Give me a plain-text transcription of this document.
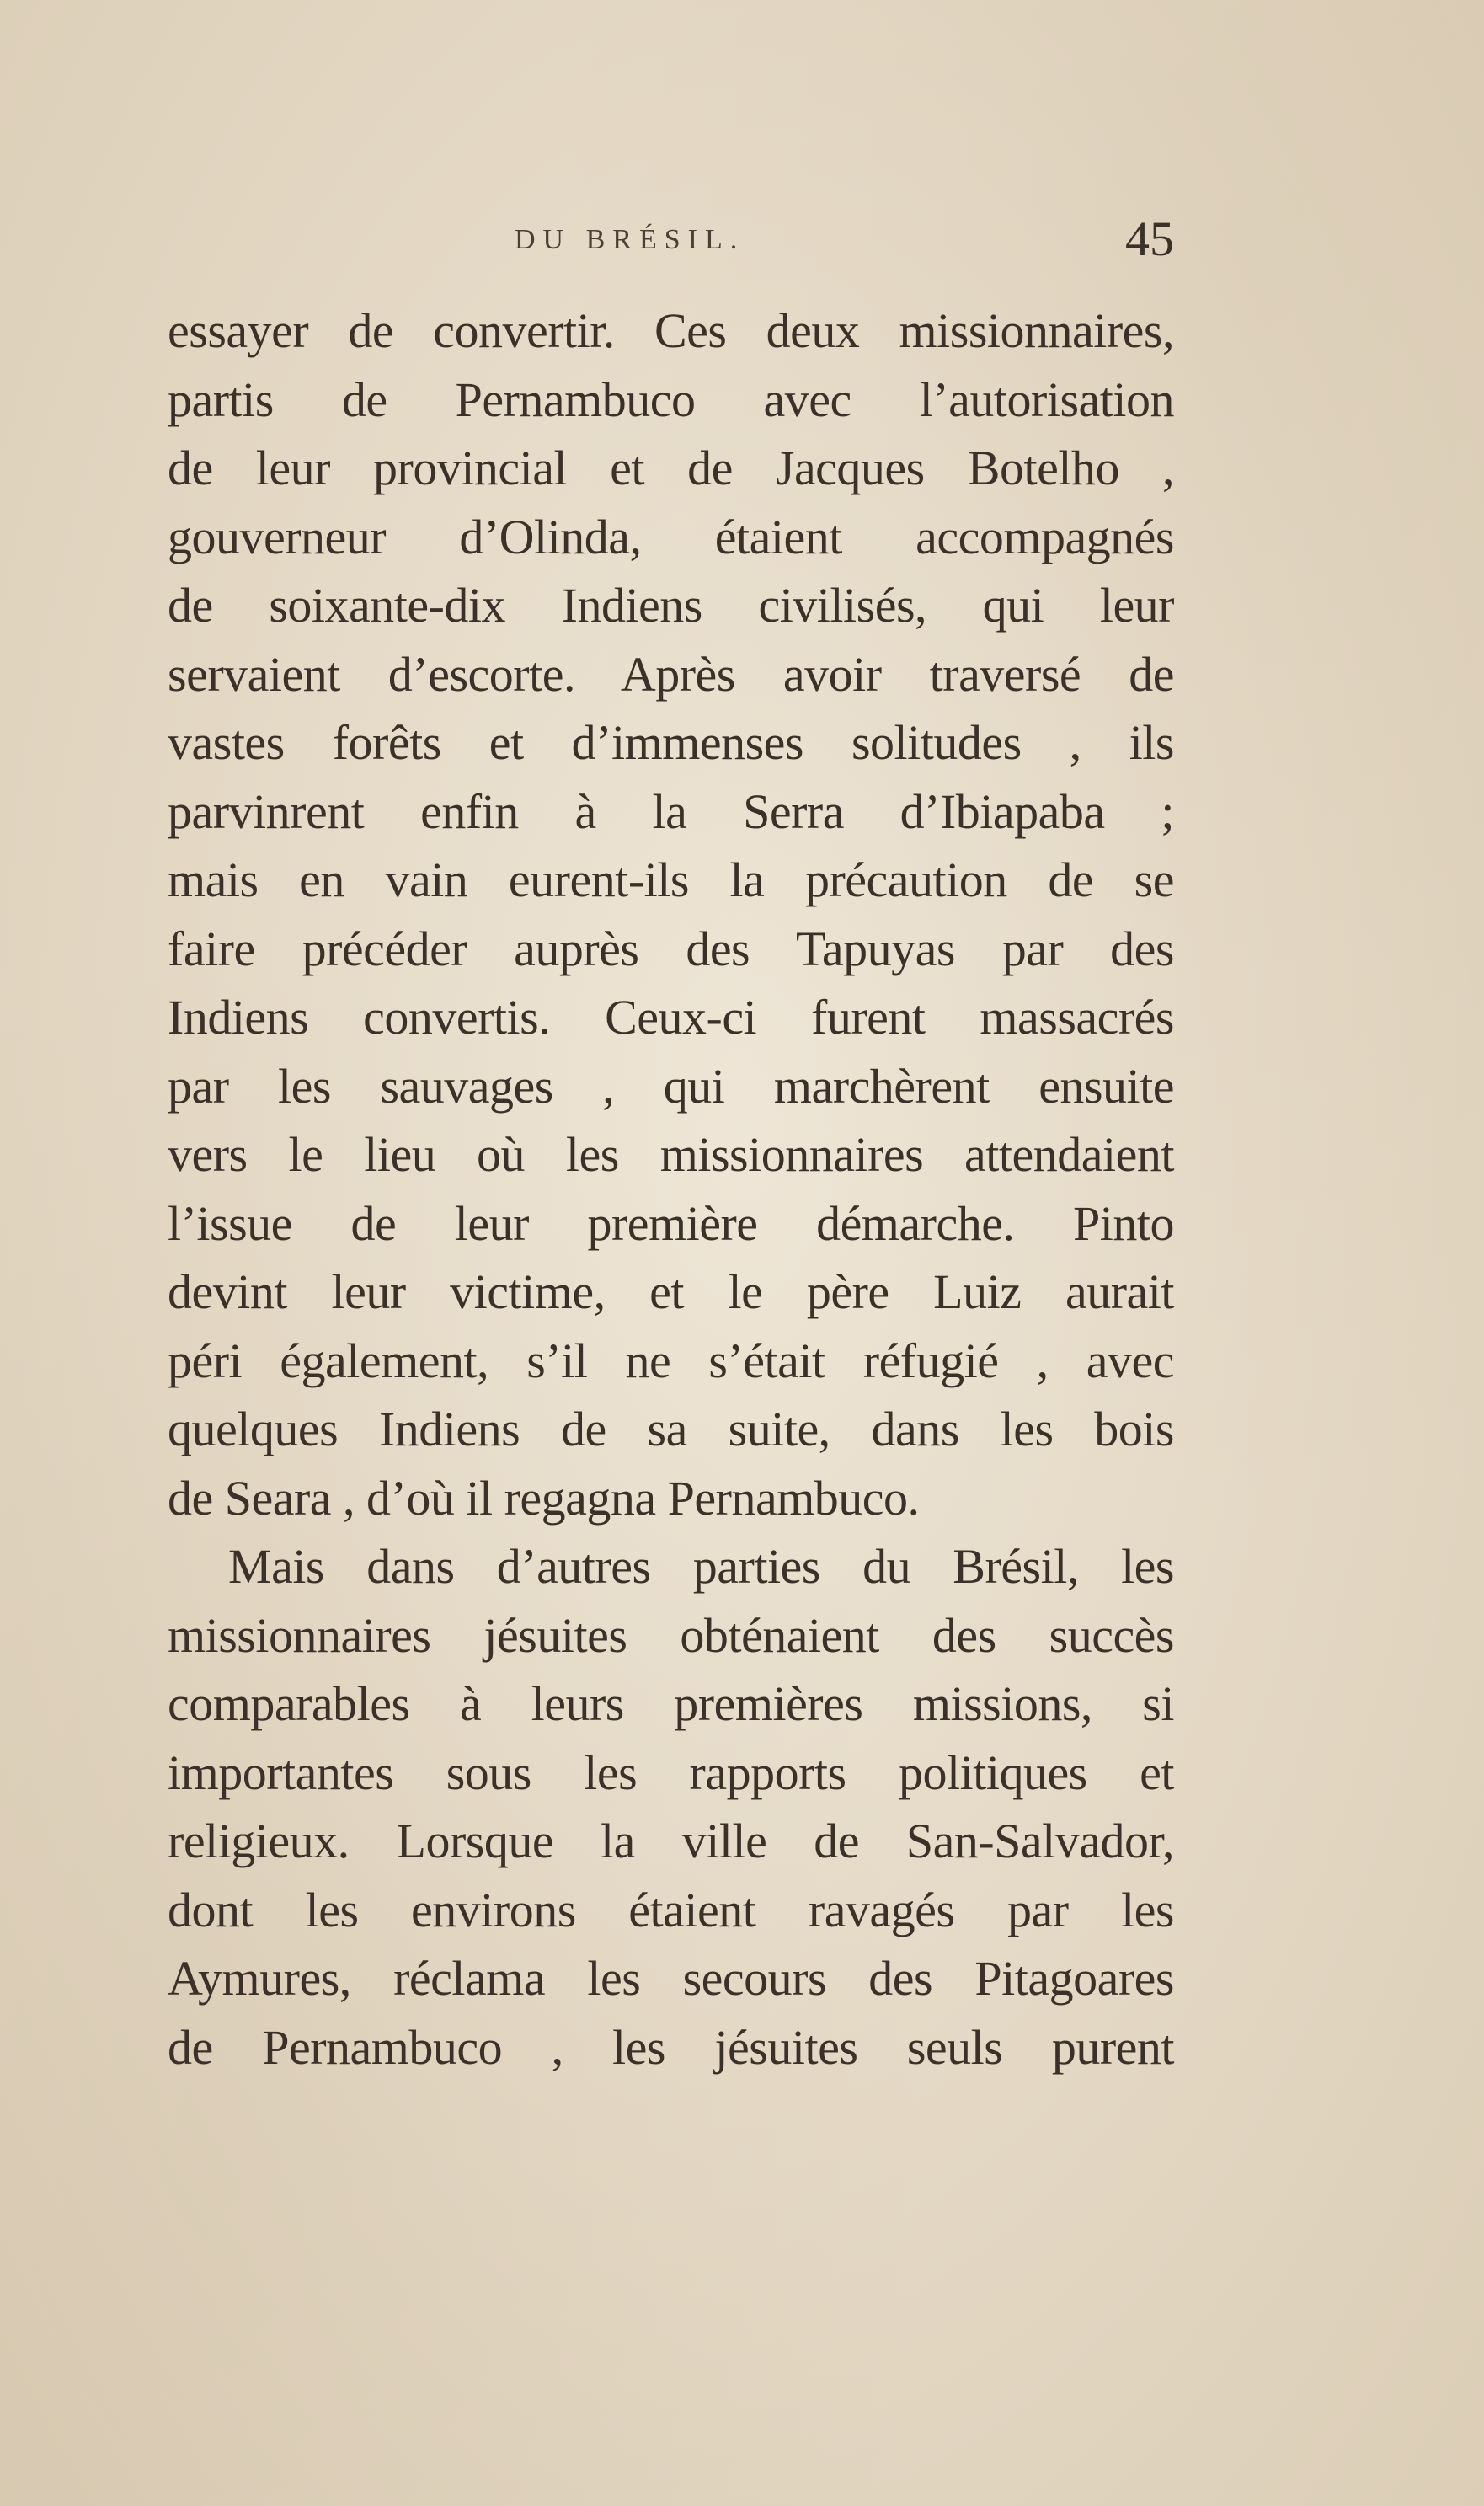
DU BRÉSIL.	45
essayer de convertir. Ces deux missionnaires,
partis de Pernambuco avec l’autorisation
de leur provincial et de Jacques Botelho ,
gouverneur d’Olinda, étaient accompagnés
de soixante-dix Indiens civilisés, qui leur
servaient d’escorte. Après avoir traversé de
vastes forêts et d’immenses solitudes , ils
parvinrent enfin à la Serra d’Ibiapaba ;
mais en vain eurent-ils la précaution de se
faire précéder auprès des Tapuyas par des
Indiens convertis. Ceux-ci furent massacrés
par les sauvages , qui marchèrent ensuite
vers le lieu où les missionnaires attendaient
l’issue de leur première démarche. Pinto
devint leur victime, et le père Luiz aurait
péri également, s’il ne s’était réfugié , avec
quelques Indiens de sa suite, dans les bois
de Seara , d’où il regagna Pernambuco.
Mais dans d’autres parties du Brésil, les
missionnaires jésuites obténaient des succès
comparables à leurs premières missions, si
importantes sous les rapports politiques et
religieux. Lorsque la ville de San-Salvador,
dont les environs étaient ravagés par les
Aymures, réclama les secours des Pitagoares
de Pernambuco , les jésuites seuls purent
